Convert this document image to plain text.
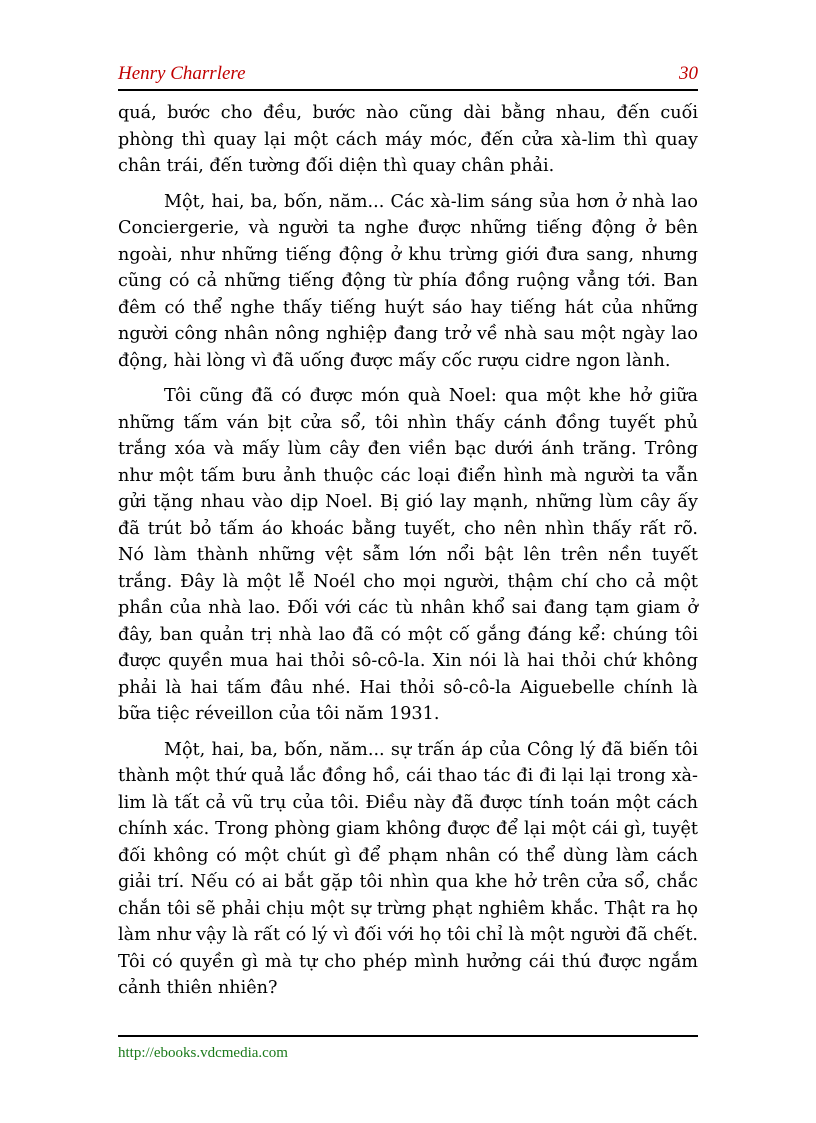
Henry Charrlere	30

quá, bước cho đều, bước nào cũng dài bằng nhau, đến cuối phòng thì quay lại một cách máy móc, đến cửa xà-lim thì quay chân trái, đến tường đối diện thì quay chân phải.

Một, hai, ba, bốn, năm... Các xà-lim sáng sủa hơn ở nhà lao Conciergerie, và người ta nghe được những tiếng động ở bên ngoài, như những tiếng động ở khu trừng giới đưa sang, nhưng cũng có cả những tiếng động từ phía đồng ruộng vẳng tới. Ban đêm có thể nghe thấy tiếng huýt sáo hay tiếng hát của những người công nhân nông nghiệp đang trở về nhà sau một ngày lao động, hài lòng vì đã uống được mấy cốc rượu cidre ngon lành.

Tôi cũng đã có được món quà Noel: qua một khe hở giữa những tấm ván bịt cửa sổ, tôi nhìn thấy cánh đồng tuyết phủ trắng xóa và mấy lùm cây đen viền bạc dưới ánh trăng. Trông như một tấm bưu ảnh thuộc các loại điển hình mà người ta vẫn gửi tặng nhau vào dịp Noel. Bị gió lay mạnh, những lùm cây ấy đã trút bỏ tấm áo khoác bằng tuyết, cho nên nhìn thấy rất rõ. Nó làm thành những vệt sẫm lớn nổi bật lên trên nền tuyết trắng. Đây là một lễ Noél cho mọi người, thậm chí cho cả một phần của nhà lao. Đối với các tù nhân khổ sai đang tạm giam ở đây, ban quản trị nhà lao đã có một cố gắng đáng kể: chúng tôi được quyền mua hai thỏi sô-cô-la. Xin nói là hai thỏi chứ không phải là hai tấm đâu nhé. Hai thỏi sô-cô-la Aiguebelle chính là bữa tiệc réveillon của tôi năm 1931.

Một, hai, ba, bốn, năm... sự trấn áp của Công lý đã biến tôi thành một thứ quả lắc đồng hồ, cái thao tác đi đi lại lại trong xà-lim là tất cả vũ trụ của tôi. Điều này đã được tính toán một cách chính xác. Trong phòng giam không được để lại một cái gì, tuyệt đối không có một chút gì để phạm nhân có thể dùng làm cách giải trí. Nếu có ai bắt gặp tôi nhìn qua khe hở trên cửa sổ, chắc chắn tôi sẽ phải chịu một sự trừng phạt nghiêm khắc. Thật ra họ làm như vậy là rất có lý vì đối với họ tôi chỉ là một người đã chết. Tôi có quyền gì mà tự cho phép mình hưởng cái thú được ngắm cảnh thiên nhiên?

http://ebooks.vdcmedia.com
